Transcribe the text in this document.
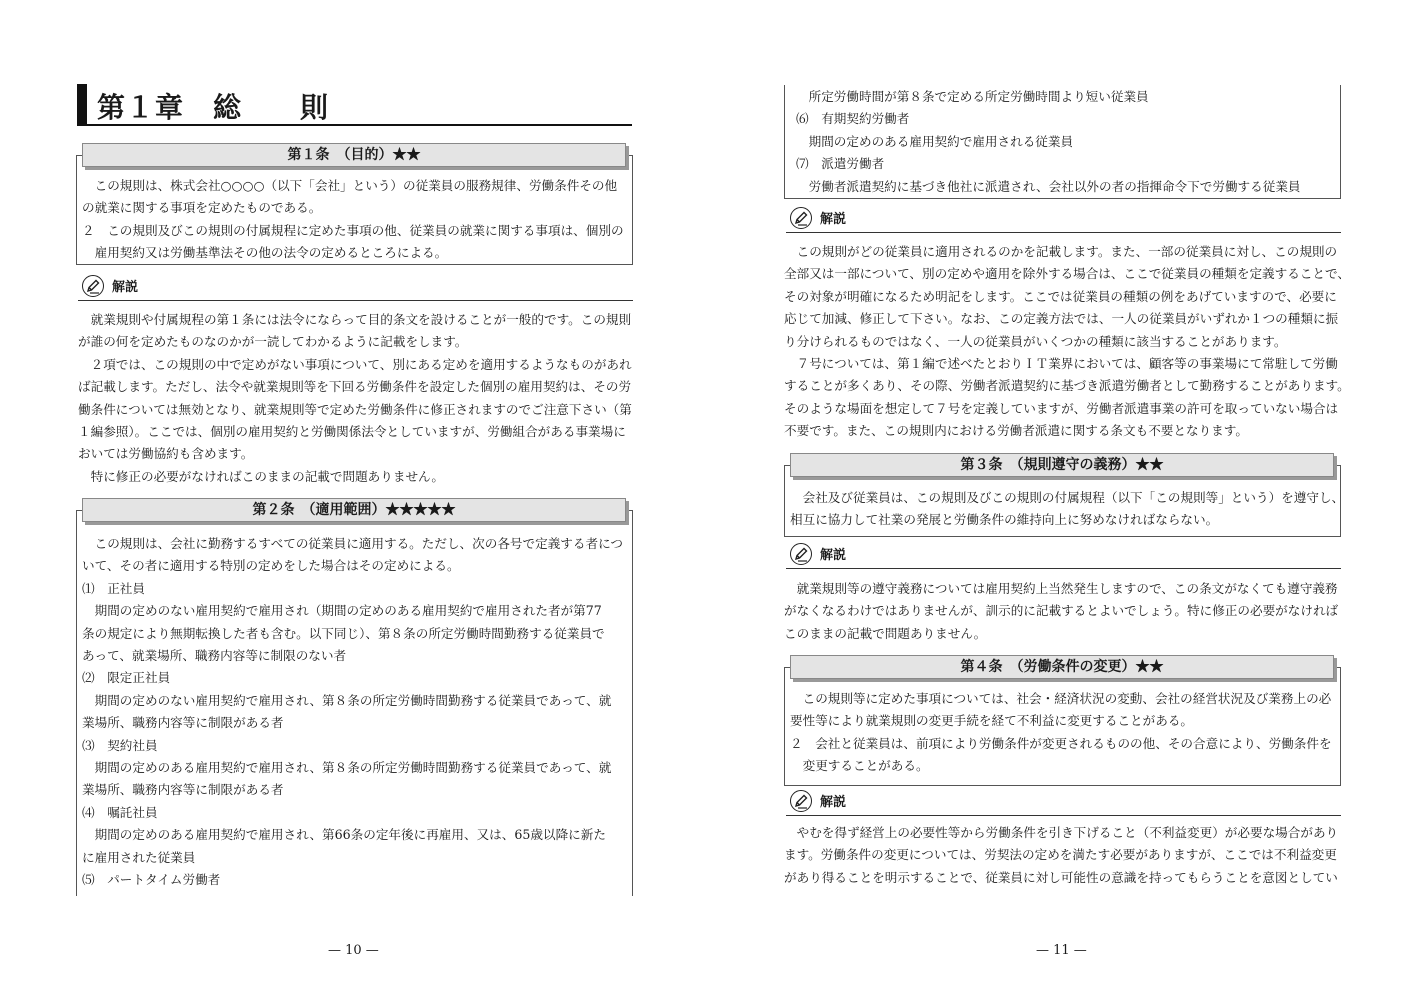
第１章　総　　則
第１条　（目的）★★

この規則は、株式会社○○○○（以下「会社」という）の従業員の服務規律、労働条件その他

の就業に関する事項を定めたものである。

２　この規則及びこの規則の付属規程に定めた事項の他、従業員の就業に関する事項は、個別の

　雇用契約又は労働基準法その他の法令の定めるところによる。

解説

就業規則や付属規程の第１条には法令にならって目的条文を設けることが一般的です。この規則

が誰の何を定めたものなのかが一読してわかるように記載をします。

２項では、この規則の中で定めがない事項について、別にある定めを適用するようなものがあれ

ば記載します。ただし、法令や就業規則等を下回る労働条件を設定した個別の雇用契約は、その労

働条件については無効となり、就業規則等で定めた労働条件に修正されますのでご注意下さい（第

１編参照）。ここでは、個別の雇用契約と労働関係法令としていますが、労働組合がある事業場に

おいては労働協約も含めます。

特に修正の必要がなければこのままの記載で問題ありません。

第２条　（適用範囲）★★★★★

この規則は、会社に勤務するすべての従業員に適用する。ただし、次の各号で定義する者につ

いて、その者に適用する特別の定めをした場合はその定めによる。

⑴　正社員

　期間の定めのない雇用契約で雇用され（期間の定めのある雇用契約で雇用された者が第77

条の規定により無期転換した者も含む。以下同じ）、第８条の所定労働時間勤務する従業員で

あって、就業場所、職務内容等に制限のない者

⑵　限定正社員

　期間の定めのない雇用契約で雇用され、第８条の所定労働時間勤務する従業員であって、就

業場所、職務内容等に制限がある者

⑶　契約社員

　期間の定めのある雇用契約で雇用され、第８条の所定労働時間勤務する従業員であって、就

業場所、職務内容等に制限がある者

⑷　嘱託社員

　期間の定めのある雇用契約で雇用され、第66条の定年後に再雇用、又は、65歳以降に新た

に雇用された従業員

⑸　パートタイム労働者

— 10 —

　所定労働時間が第８条で定める所定労働時間より短い従業員

⑹　有期契約労働者

　期間の定めのある雇用契約で雇用される従業員

⑺　派遣労働者

　労働者派遣契約に基づき他社に派遣され、会社以外の者の指揮命令下で労働する従業員

解説

この規則がどの従業員に適用されるのかを記載します。また、一部の従業員に対し、この規則の

全部又は一部について、別の定めや適用を除外する場合は、ここで従業員の種類を定義することで、

その対象が明確になるため明記をします。ここでは従業員の種類の例をあげていますので、必要に

応じて加減、修正して下さい。なお、この定義方法では、一人の従業員がいずれか１つの種類に振

り分けられるものではなく、一人の従業員がいくつかの種類に該当することがあります。

７号については、第１編で述べたとおりＩＴ業界においては、顧客等の事業場にて常駐して労働

することが多くあり、その際、労働者派遣契約に基づき派遣労働者として勤務することがあります。

そのような場面を想定して７号を定義していますが、労働者派遣事業の許可を取っていない場合は

不要です。また、この規則内における労働者派遣に関する条文も不要となります。

第３条　（規則遵守の義務）★★

会社及び従業員は、この規則及びこの規則の付属規程（以下「この規則等」という）を遵守し、

相互に協力して社業の発展と労働条件の維持向上に努めなければならない。

解説

就業規則等の遵守義務については雇用契約上当然発生しますので、この条文がなくても遵守義務

がなくなるわけではありませんが、訓示的に記載するとよいでしょう。特に修正の必要がなければ

このままの記載で問題ありません。

第４条　（労働条件の変更）★★

この規則等に定めた事項については、社会・経済状況の変動、会社の経営状況及び業務上の必

要性等により就業規則の変更手続を経て不利益に変更することがある。

２　会社と従業員は、前項により労働条件が変更されるものの他、その合意により、労働条件を

　変更することがある。

解説

やむを得ず経営上の必要性等から労働条件を引き下げること（不利益変更）が必要な場合があり

ます。労働条件の変更については、労契法の定めを満たす必要がありますが、ここでは不利益変更

があり得ることを明示することで、従業員に対し可能性の意識を持ってもらうことを意図としてい

— 11 —
